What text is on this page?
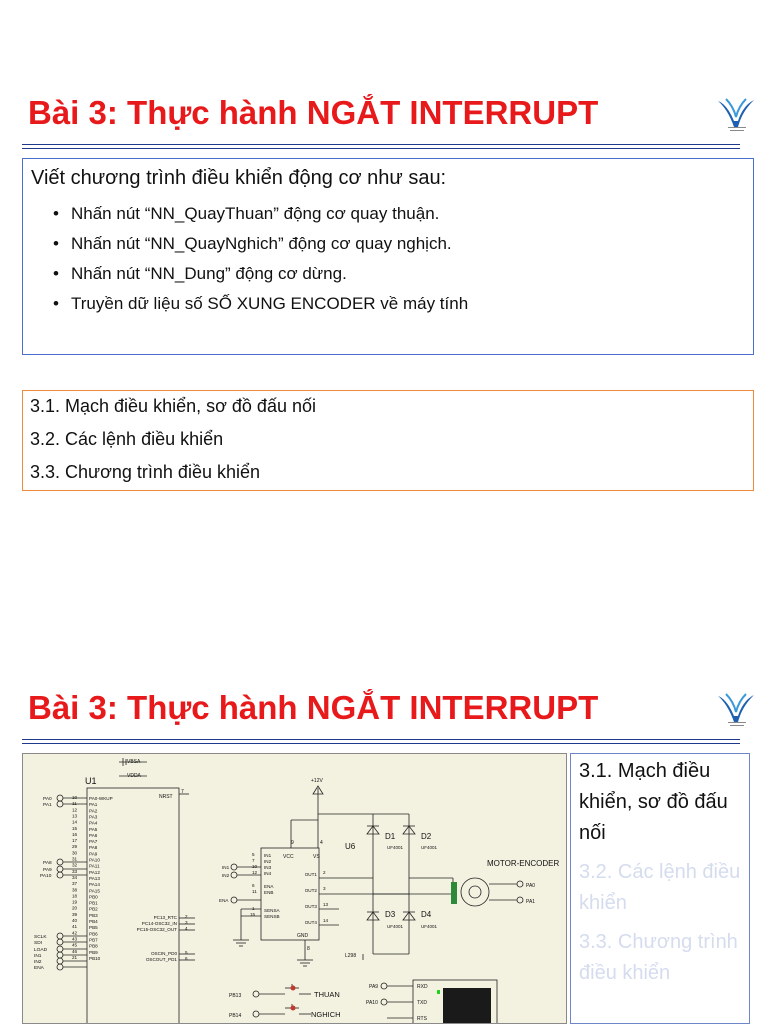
Bài 3: Thực hành NGẮT INTERRUPT
Viết chương trình điều khiển động cơ như sau:
• Nhấn nút “NN_QuayThuan” động cơ quay thuận.
• Nhấn nút “NN_QuayNghich” động cơ quay nghịch.
• Nhấn nút “NN_Dung” động cơ dừng.
• Truyền dữ liệu số SỐ XUNG ENCODER về máy tính
3.1. Mạch điều khiển, sơ đồ đấu nối
3.2. Các lệnh điều khiển
3.3. Chương trình điều khiển
Bài 3: Thực hành NGẮT INTERRUPT
U1
VBSA
VDDA
NRST
7
U6
+12V
VCC	VS
GND
9	4
8
L298
D1	D2
D3	D4
UF4001	UF4001
UF4001	UF4001
MOTOR-ENCODER
PA0
PA1
THUAN
NGHICH
PB13
PB14
PA9
PA10
RXD
TXD
RTS
PA0-WKUP
10
PA1
11
PA2
12
PA3
13
PA4
14
PA5
15
PA6
16
PA7
17
PA8
29
PA9
30
PA10
31
PA11
32
PA12
33
PA13
34
PA14
37
PA15
38
PB0
18
PB1
19
PB2
20
PB3
39
PB4
40
PB5
41
PB6
42
PB7
43
PB8
45
PB9
46
PB10
21
PA0
PA1
PA8
PA9
PA10
SCLK
SDI
LOAD
IN1
IN2
ENA
IN1
5
IN2
7
IN3
10
IN4
12
ENA
6
ENB
11
SENSA
SENSB
1
15
OUT1 2
OUT2 3
OUT3 13
OUT4 14
IN1
IN2
ENA
PC13_RTC 2
PC14-OSC32_IN 3
PC15-OSC32_OUT 4
OSCIN_PD0 5
OSCOUT_PD1 6
3.1. Mạch điều khiển, sơ đồ đấu nối
3.2. Các lệnh điều khiển
3.3. Chương trình điều khiển
